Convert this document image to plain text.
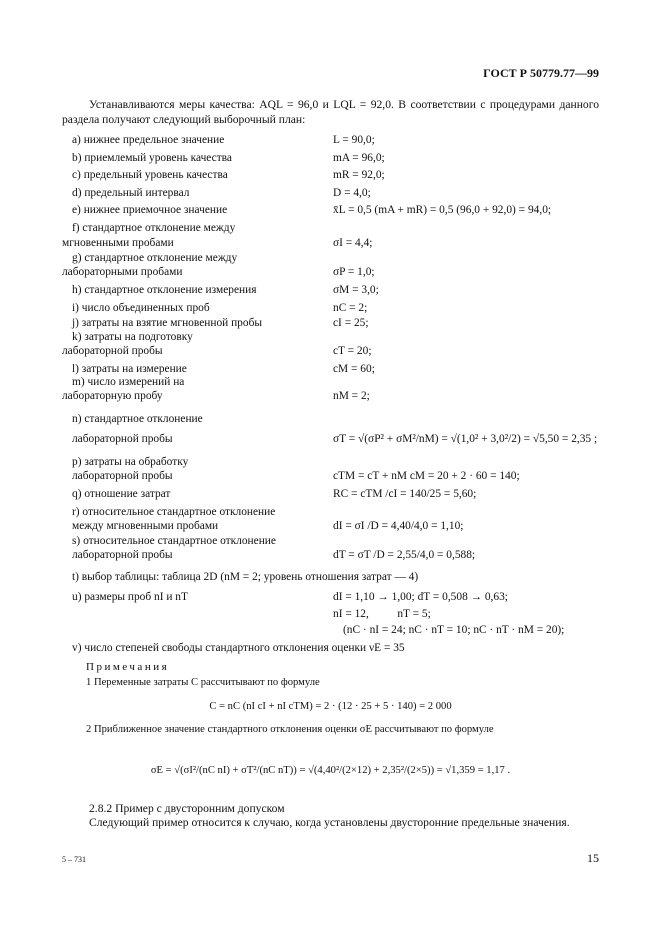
ГОСТ Р 50779.77—99
Устанавливаются меры качества: AQL = 96,0 и LQL = 92,0. В соответствии с процедурами данного раздела получают следующий выборочный план:
a) нижнее предельное значение	L = 90,0;
b) приемлемый уровень качества	mA = 96,0;
c) предельный уровень качества	mR = 92,0;
d) предельный интервал	D = 4,0;
e) нижнее приемочное значение	x̄L = 0,5 (mA + mR) = 0,5 (96,0 + 92,0) = 94,0;
f) стандартное отклонение между
мгновенными пробами	σI = 4,4;
g) стандартное отклонение между
лабораторными пробами	σP = 1,0;
h) стандартное отклонение измерения	σM = 3,0;
i) число объединенных проб	nC = 2;
j) затраты на взятие мгновенной пробы	cI = 25;
k) затраты на подготовку
лабораторной пробы	cT = 20;
l) затраты на измерение	cM = 60;
m) число измерений на
лабораторную пробу	nM = 2;
n) стандартное отклонение
лабораторной пробы	σT = √(σP² + σM²/nM) = √(1,0² + 3,0²/2) = √5,50 = 2,35 ;
p) затраты на обработку
лабораторной пробы	cTM = cT + nM cM = 20 + 2 · 60 = 140;
q) отношение затрат	RC = cTM /cI = 140/25 = 5,60;
r) относительное стандартное отклонение
между мгновенными пробами	dI = σI /D = 4,40/4,0 = 1,10;
s) относительное стандартное отклонение
лабораторной пробы	dT = σT /D = 2,55/4,0 = 0,588;
t) выбор таблицы: таблица 2D (nM = 2; уровень отношения затрат — 4)
u) размеры проб nI и nT	dI = 1,10 → 1,00; dT = 0,508 → 0,63;
nI = 12,          nT = 5;
(nC · nI = 24; nC · nT = 10; nC · nT · nM = 20);
v) число степеней свободы стандартного отклонения оценки νE = 35
Примечания
1 Переменные затраты C рассчитывают по формуле
C = nC (nI cI + nI cTM) = 2 · (12 · 25 + 5 · 140) = 2 000
2 Приближенное значение стандартного отклонения оценки σE рассчитывают по формуле
σE = √(σI²/(nC nI) + σT²/(nC nT)) = √(4,40²/(2×12) + 2,35²/(2×5)) = √1,359 = 1,17 .
2.8.2 Пример с двусторонним допуском
Следующий пример относится к случаю, когда установлены двусторонние предельные значения.
5 – 731	15
